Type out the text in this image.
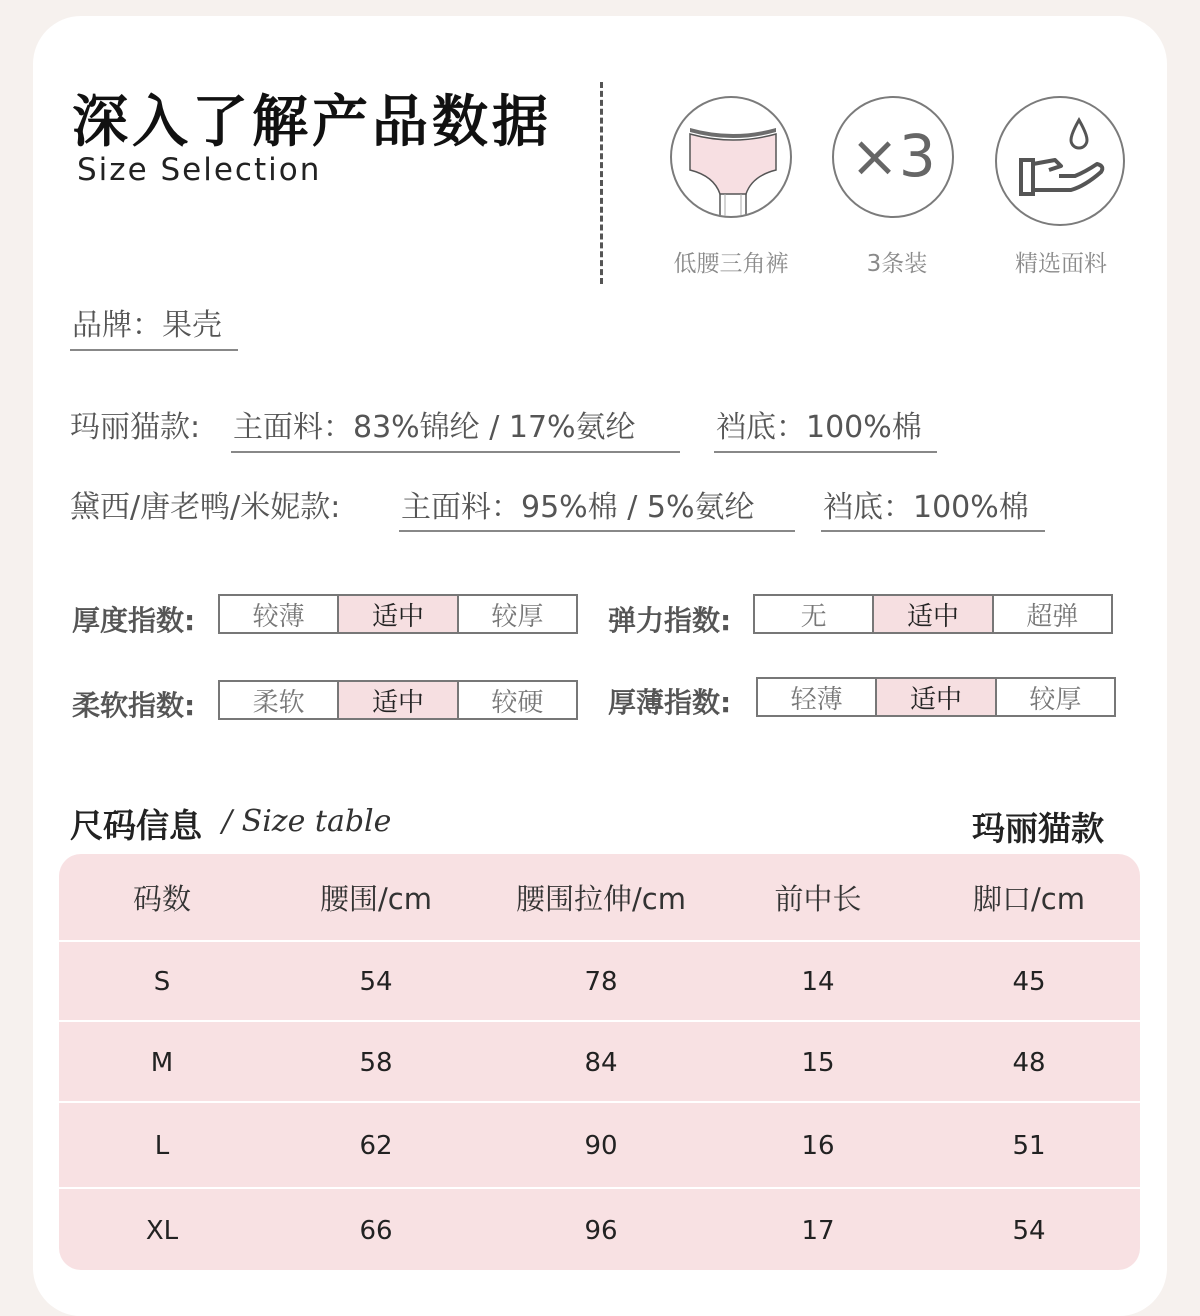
深入了解产品数据
Size Selection
低腰三角裤
×3
3条装	精选面料
品牌：果壳
玛丽猫款: 主面料：83%锦纶 / 17%氨纶	裆底：100%棉
黛西/唐老鸭/米妮款: 主面料：95%棉 / 5%氨纶 裆底：100%棉
厚度指数:	较薄	适中	较厚	弹力指数:	无	适中	超弹
柔软指数:	柔软	适中	较硬	厚薄指数:	轻薄	适中	较厚
尺码信息 / Size table	玛丽猫款
码数	腰围/cm	腰围拉伸/cm	前中长	脚口/cm
S	54	78	14	45
M	58	84	15	48
L	62	90	16	51
XL	66	96	17	54
